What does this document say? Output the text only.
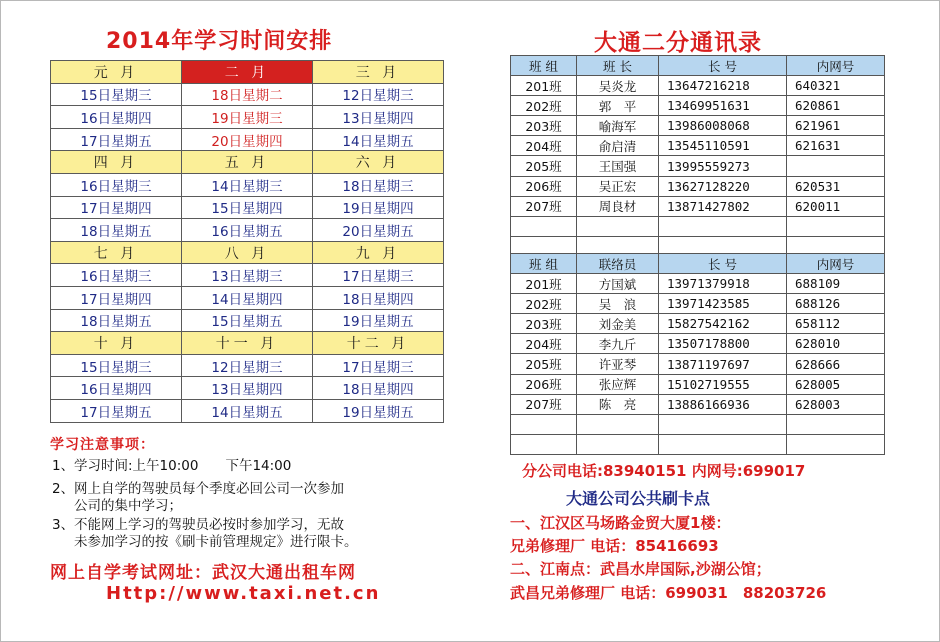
2014年学习时间安排	大通二分通讯录
元 月	二 月	三 月
15日星期三	18日星期二	12日星期三
16日星期四	19日星期三	13日星期四
17日星期五	20日星期四	14日星期五
四 月	五 月	六 月
16日星期三	14日星期三	18日星期三
17日星期四	15日星期四	19日星期四
18日星期五	16日星期五	20日星期五
七 月	八 月	九 月
16日星期三	13日星期三	17日星期三
17日星期四	14日星期四	18日星期四
18日星期五	15日星期五	19日星期五
十 月	十一 月	十二 月
15日星期三	12日星期三	17日星期三
16日星期四	13日星期四	18日星期四
17日星期五	14日星期五	19日星期五
学习注意事项：
1、学习时间:上午10:00　　下午14:00
2、网上自学的驾驶员每个季度必回公司一次参加
公司的集中学习；
3、不能网上学习的驾驶员必按时参加学习，无故
未参加学习的按《刷卡前管理规定》进行限卡。
网上自学考试网址：武汉大通出租车网
Http://www.taxi.net.cn
班 组	班 长	长 号	内网号
201班	吴炎龙	13647216218	640321
202班	郭　平	13469951631	620861
203班	喻海军	13986008068	621961
204班	俞启清	13545110591	621631
205班	王国强	13995559273	
206班	吴正宏	13627128220	620531
207班	周良材	13871427802	620011

班 组	联络员	长 号	内网号
201班	方国斌	13971379918	688109
202班	吴　浪	13971423585	688126
203班	刘金美	15827542162	658112
204班	李九斤	13507178800	628010
205班	许亚琴	13871197697	628666
206班	张应辉	15102719555	628005
207班	陈　亮	13886166936	628003

分公司电话:83940151 内网号:699017
大通公司公共刷卡点
一、江汉区马场路金贸大厦1楼：
兄弟修理厂 电话：85416693
二、江南点：武昌水岸国际,沙湖公馆；
武昌兄弟修理厂 电话：699031　88203726
